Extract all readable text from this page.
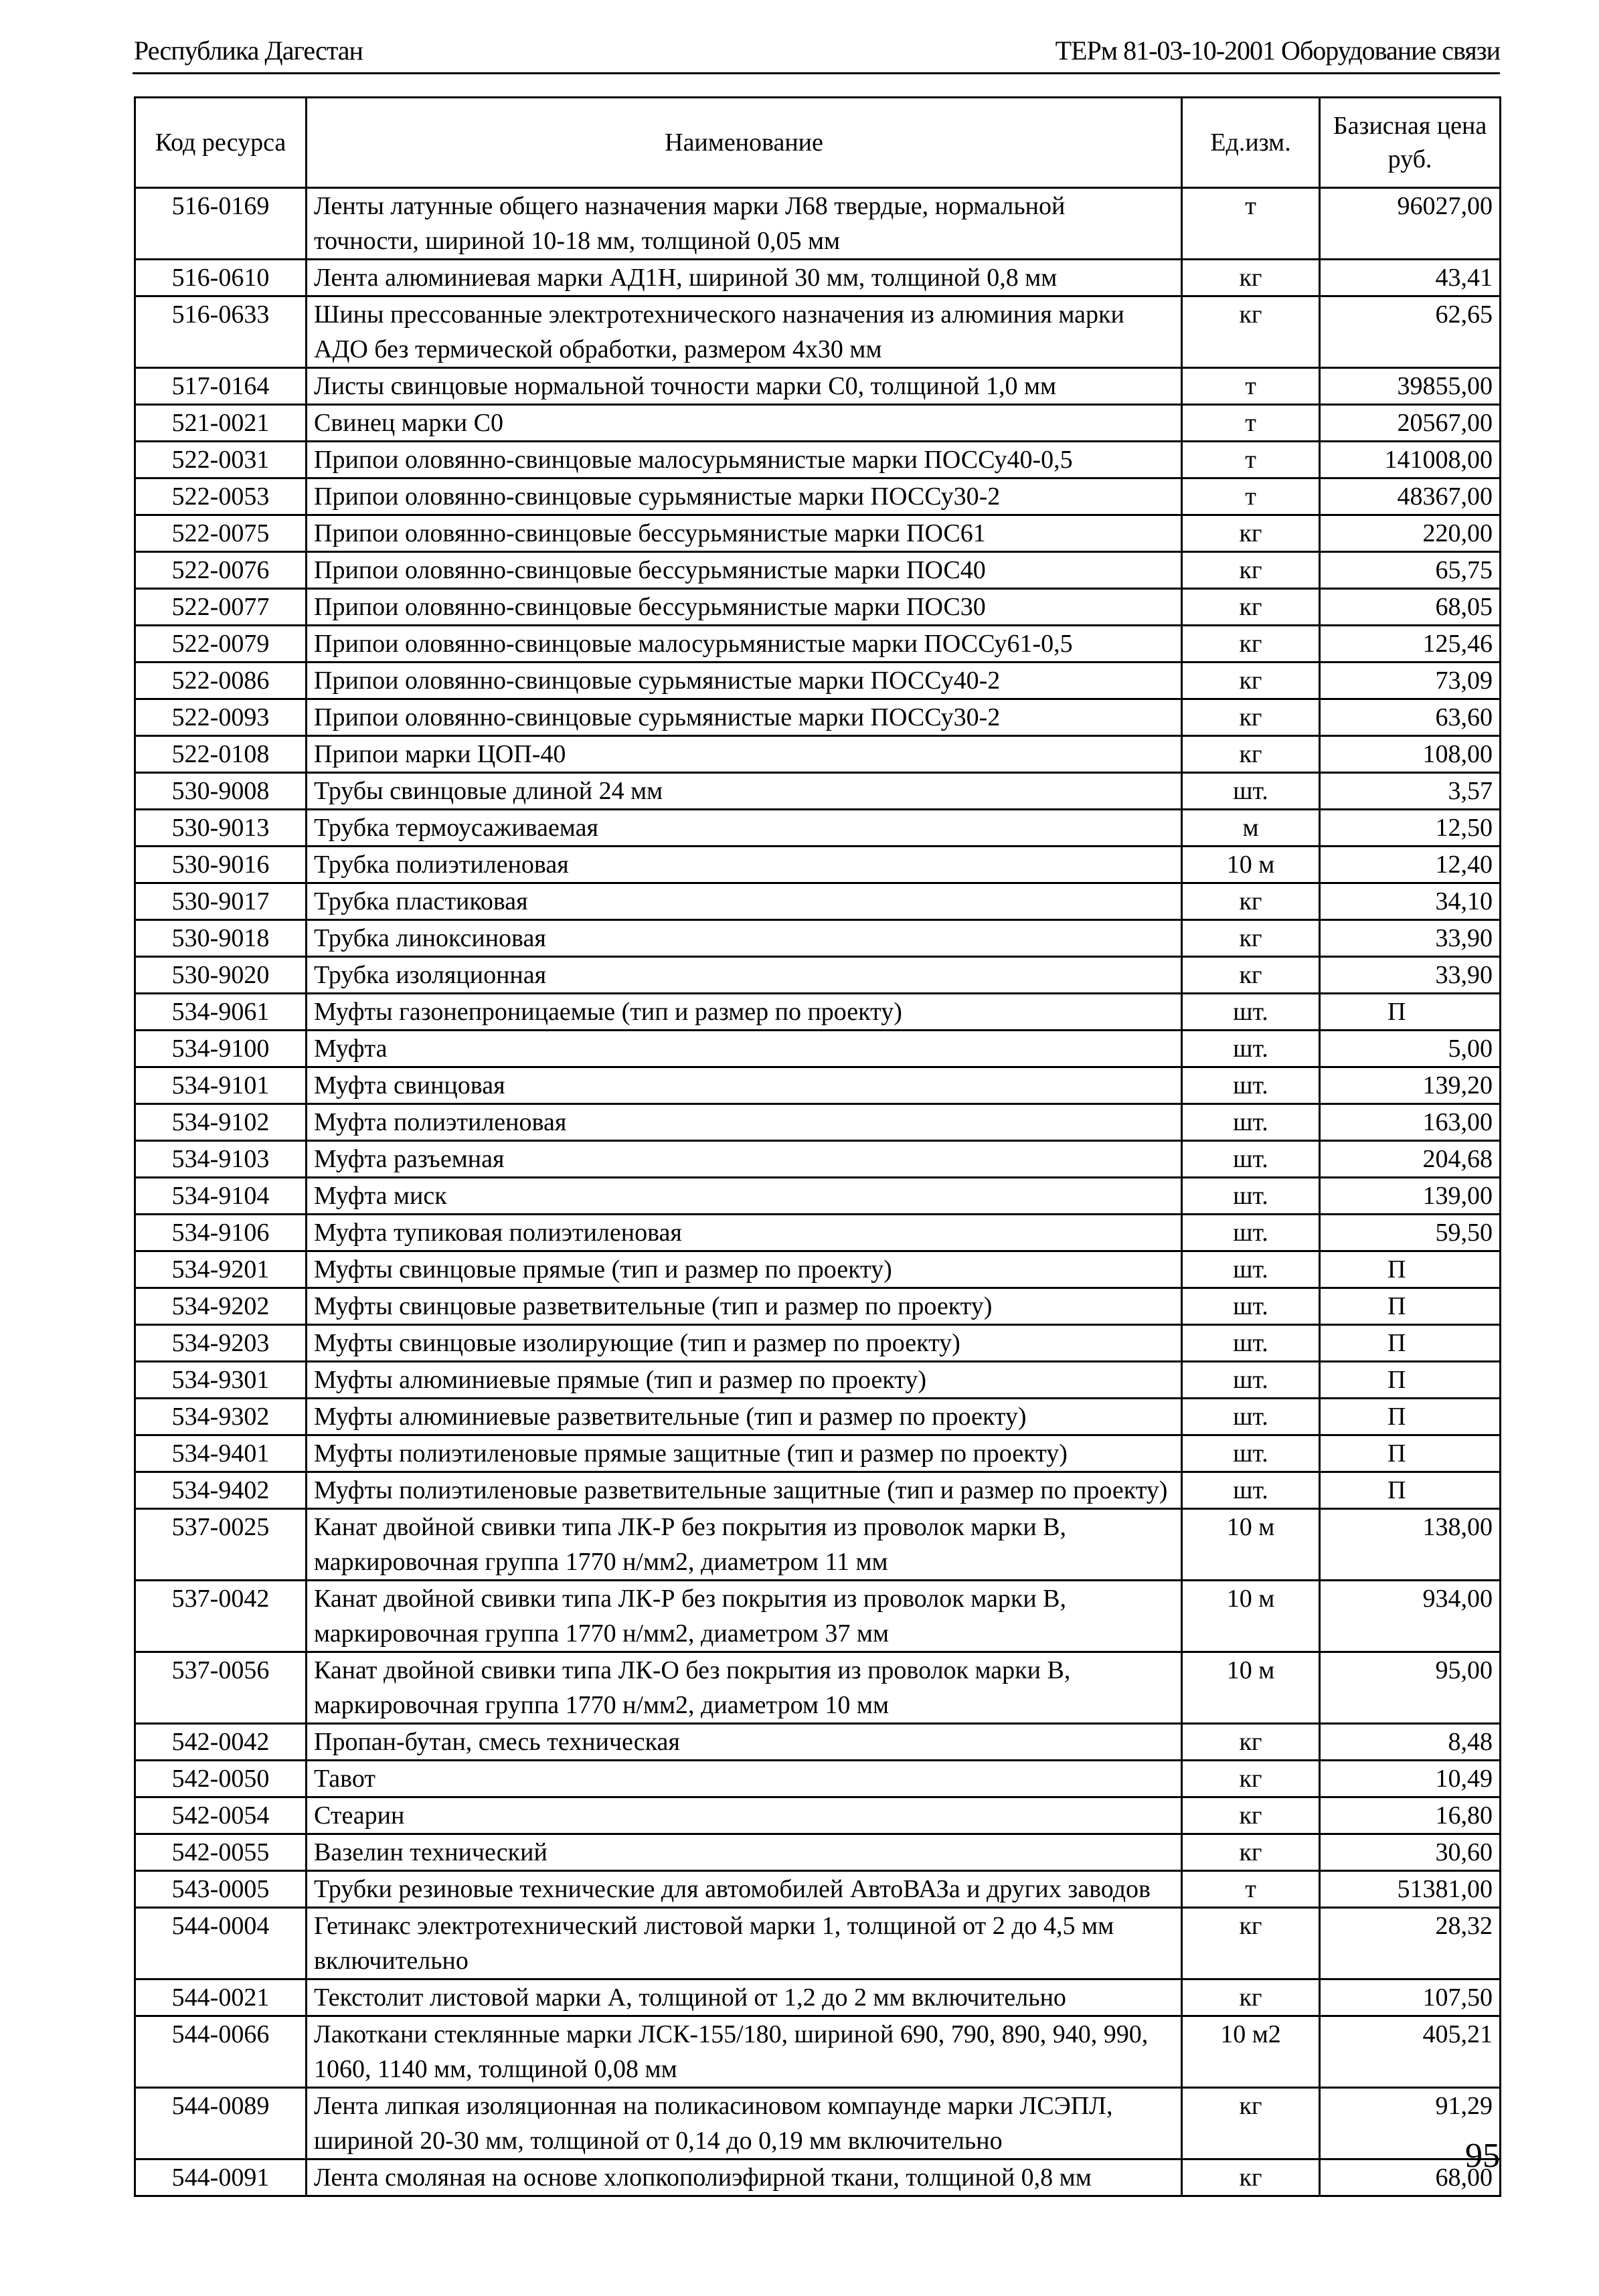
Республика Дагестан	ТЕРм 81-03-10-2001 Оборудование связи
Код ресурса	Наименование	Ед.изм.	Базисная цена руб.
516-0169	Ленты латунные общего назначения марки Л68 твердые, нормальной точности, шириной 10-18 мм, толщиной 0,05 мм	т	96027,00
516-0610	Лента алюминиевая марки АД1Н, шириной 30 мм, толщиной 0,8 мм	кг	43,41
516-0633	Шины прессованные электротехнического назначения из алюминия марки АДО без термической обработки, размером 4х30 мм	кг	62,65
517-0164	Листы свинцовые нормальной точности марки С0, толщиной 1,0 мм	т	39855,00
521-0021	Свинец марки С0	т	20567,00
522-0031	Припои оловянно-свинцовые малосурьмянистые марки ПОССу40-0,5	т	141008,00
522-0053	Припои оловянно-свинцовые сурьмянистые марки ПОССу30-2	т	48367,00
522-0075	Припои оловянно-свинцовые бессурьмянистые марки ПОС61	кг	220,00
522-0076	Припои оловянно-свинцовые бессурьмянистые марки ПОС40	кг	65,75
522-0077	Припои оловянно-свинцовые бессурьмянистые марки ПОС30	кг	68,05
522-0079	Припои оловянно-свинцовые малосурьмянистые марки ПОССу61-0,5	кг	125,46
522-0086	Припои оловянно-свинцовые сурьмянистые марки ПОССу40-2	кг	73,09
522-0093	Припои оловянно-свинцовые сурьмянистые марки ПОССу30-2	кг	63,60
522-0108	Припои марки ЦОП-40	кг	108,00
530-9008	Трубы свинцовые длиной 24 мм	шт.	3,57
530-9013	Трубка термоусаживаемая	м	12,50
530-9016	Трубка полиэтиленовая	10 м	12,40
530-9017	Трубка пластиковая	кг	34,10
530-9018	Трубка линоксиновая	кг	33,90
530-9020	Трубка изоляционная	кг	33,90
534-9061	Муфты газонепроницаемые (тип и размер по проекту)	шт.	П
534-9100	Муфта	шт.	5,00
534-9101	Муфта свинцовая	шт.	139,20
534-9102	Муфта полиэтиленовая	шт.	163,00
534-9103	Муфта разъемная	шт.	204,68
534-9104	Муфта миск	шт.	139,00
534-9106	Муфта тупиковая полиэтиленовая	шт.	59,50
534-9201	Муфты свинцовые прямые (тип и размер по проекту)	шт.	П
534-9202	Муфты свинцовые разветвительные (тип и размер по проекту)	шт.	П
534-9203	Муфты свинцовые изолирующие (тип и размер по проекту)	шт.	П
534-9301	Муфты алюминиевые прямые (тип и размер по проекту)	шт.	П
534-9302	Муфты алюминиевые разветвительные (тип и размер по проекту)	шт.	П
534-9401	Муфты полиэтиленовые прямые защитные (тип и размер по проекту)	шт.	П
534-9402	Муфты полиэтиленовые разветвительные защитные (тип и размер по проекту)	шт.	П
537-0025	Канат двойной свивки типа ЛК-Р без покрытия из проволок марки В, маркировочная группа 1770 н/мм2, диаметром 11 мм	10 м	138,00
537-0042	Канат двойной свивки типа ЛК-Р без покрытия из проволок марки В, маркировочная группа 1770 н/мм2, диаметром 37 мм	10 м	934,00
537-0056	Канат двойной свивки типа ЛК-О без покрытия из проволок марки В, маркировочная группа 1770 н/мм2, диаметром 10 мм	10 м	95,00
542-0042	Пропан-бутан, смесь техническая	кг	8,48
542-0050	Тавот	кг	10,49
542-0054	Стеарин	кг	16,80
542-0055	Вазелин технический	кг	30,60
543-0005	Трубки резиновые технические для автомобилей АвтоВАЗа и других заводов	т	51381,00
544-0004	Гетинакс электротехнический листовой марки 1, толщиной от 2 до 4,5 мм включительно	кг	28,32
544-0021	Текстолит листовой марки А, толщиной от 1,2 до 2 мм включительно	кг	107,50
544-0066	Лакоткани стеклянные марки ЛСК-155/180, шириной 690, 790, 890, 940, 990, 1060, 1140 мм, толщиной 0,08 мм	10 м2	405,21
544-0089	Лента липкая изоляционная на поликасиновом компаунде марки ЛСЭПЛ, шириной 20-30 мм, толщиной от 0,14 до 0,19 мм включительно	кг	91,29
544-0091	Лента смоляная на основе хлопкополиэфирной ткани, толщиной 0,8 мм	кг	68,00
95
